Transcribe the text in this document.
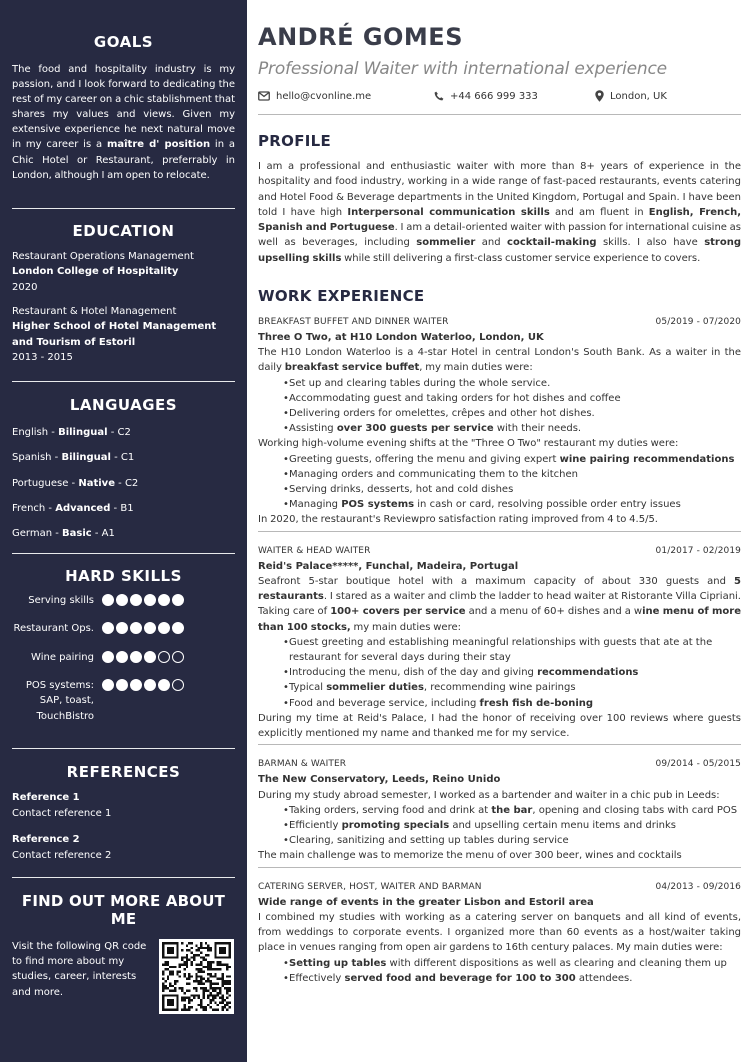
GOALS

The food and hospitality industry is my passion, and I look forward to dedicating the rest of my career on a chic stablishment that shares my values and views. Given my extensive experience he next natural move in my career is a maître d' position in a Chic Hotel or Restaurant, preferrably in London, although I am open to relocate.

EDUCATION
Restaurant Operations Management
London College of Hospitality
2020
Restaurant & Hotel Management
Higher School of Hotel Management and Tourism of Estoril
2013 - 2015
LANGUAGES
English - Bilingual - C2
Spanish - Bilingual - C1
Portuguese - Native - C2
French - Advanced - B1
German - Basic - A1
HARD SKILLS
Serving skills
Restaurant Ops.
Wine pairing
POS systems: SAP, toast, TouchBistro
REFERENCES
Reference 1
Contact reference 1
Reference 2
Contact reference 2
FIND OUT MORE ABOUT ME
Visit the following QR code to find more about my studies, career, interests and more.
ANDRÉ GOMES
Professional Waiter with international experience
hello@cvonline.me	+44 666 999 333	London, UK
PROFILE

I am a professional and enthusiastic waiter with more than 8+ years of experience in the hospitality and food industry, working in a wide range of fast-paced restaurants, events catering and Hotel Food & Beverage departments in the United Kingdom, Portugal and Spain. I have been told I have high Interpersonal communication skills and am fluent in English, French, Spanish and Portuguese. I am a detail-oriented waiter with passion for international cuisine as well as beverages, including sommelier and cocktail-making skills. I also have strong upselling skills while still delivering a first-class customer service experience to covers.

WORK EXPERIENCE
BREAKFAST BUFFET AND DINNER WAITER	05/2019 - 07/2020
Three O Two, at H10 London Waterloo, London, UK

The H10 London Waterloo is a 4-star Hotel in central London's South Bank. As a waiter in the daily breakfast service buffet, my main duties were:

• Set up and clearing tables during the whole service.
• Accommodating guest and taking orders for hot dishes and coffee
• Delivering orders for omelettes, crêpes and other hot dishes.
• Assisting over 300 guests per service with their needs.

Working high-volume evening shifts at the "Three O Two" restaurant my duties were:

• Greeting guests, offering the menu and giving expert wine pairing recommendations
• Managing orders and communicating them to the kitchen
• Serving drinks, desserts, hot and cold dishes
• Managing POS systems in cash or card, resolving possible order entry issues

In 2020, the restaurant's Reviewpro satisfaction rating improved from 4 to 4.5/5.

WAITER & HEAD WAITER	01/2017 - 02/2019
Reid's Palace*****, Funchal, Madeira, Portugal

Seafront 5-star boutique hotel with a maximum capacity of about 330 guests and 5 restaurants. I stared as a waiter and climb the ladder to head waiter at Ristorante Villa Cipriani. Taking care of 100+ covers per service and a menu of 60+ dishes and a wine menu of more than 100 stocks, my main duties were:

• Guest greeting and establishing meaningful relationships with guests that ate at the restaurant for several days during their stay
• Introducing the menu, dish of the day and giving recommendations
• Typical sommelier duties, recommending wine pairings
• Food and beverage service, including fresh fish de-boning

During my time at Reid's Palace, I had the honor of receiving over 100 reviews where guests explicitly mentioned my name and thanked me for my service.

BARMAN & WAITER	09/2014 - 05/2015
The New Conservatory, Leeds, Reino Unido

During my study abroad semester, I worked as a bartender and waiter in a chic pub in Leeds:

• Taking orders, serving food and drink at the bar, opening and closing tabs with card POS
• Efficiently promoting specials and upselling certain menu items and drinks
• Clearing, sanitizing and setting up tables during service

The main challenge was to memorize the menu of over 300 beer, wines and cocktails

CATERING SERVER, HOST, WAITER AND BARMAN	04/2013 - 09/2016
Wide range of events in the greater Lisbon and Estoril area

I combined my studies with working as a catering server on banquets and all kind of events, from weddings to corporate events. I organized more than 60 events as a host/waiter taking place in venues ranging from open air gardens to 16th century palaces. My main duties were:

• Setting up tables with different dispositions as well as clearing and cleaning them up
• Effectively served food and beverage for 100 to 300 attendees.
